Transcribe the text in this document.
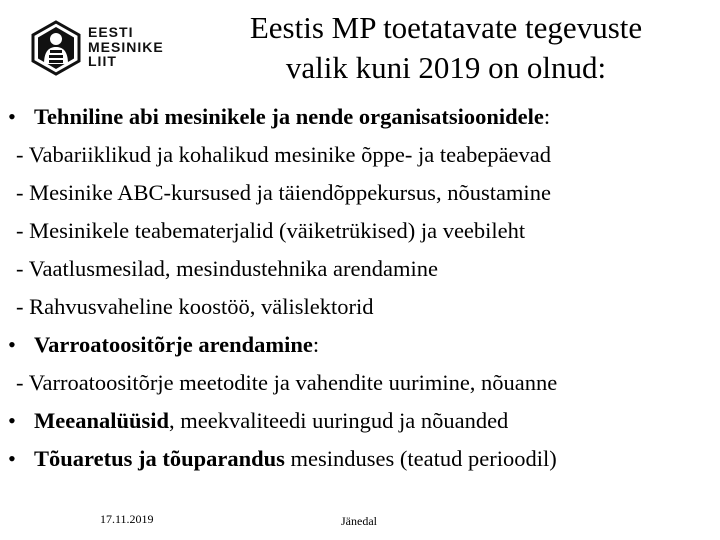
EESTI
MESINIKE
LIIT
Eestis MP toetatavate tegevuste
valik kuni 2019 on olnud:
• Tehniline abi mesinikele ja nende organisatsioonidele:
- Vabariiklikud ja kohalikud mesinike õppe- ja teabepäevad
- Mesinike ABC-kursused ja täiendõppekursus, nõustamine
- Mesinikele teabematerjalid (väiketrükised) ja veebileht
- Vaatlusmesilad, mesindustehnika arendamine
- Rahvusvaheline koostöö, välislektorid
• Varroatoositõrje arendamine:
- Varroatoositõrje meetodite ja vahendite uurimine, nõuanne
• Meeanalüüsid, meekvaliteedi uuringud ja nõuanded
• Tõuaretus ja tõuparandus mesinduses (teatud perioodil)
17.11.2019	Jänedal
